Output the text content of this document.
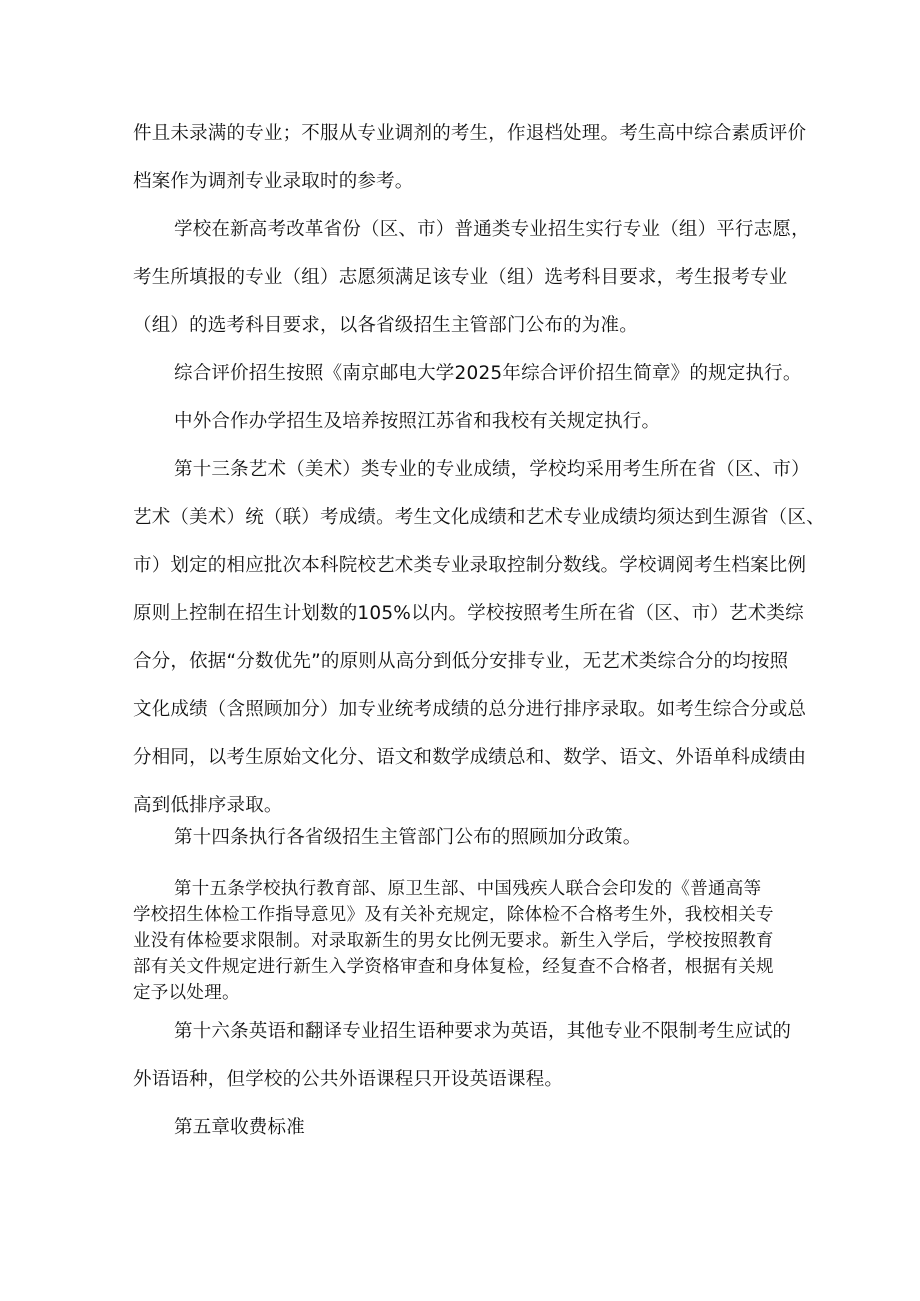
件且未录满的专业；不服从专业调剂的考生，作退档处理。考生高中综合素质评价
档案作为调剂专业录取时的参考。
学校在新高考改革省份（区、市）普通类专业招生实行专业（组）平行志愿，
考生所填报的专业（组）志愿须满足该专业（组）选考科目要求，考生报考专业
（组）的选考科目要求，以各省级招生主管部门公布的为准。
综合评价招生按照《南京邮电大学2025年综合评价招生简章》的规定执行。
中外合作办学招生及培养按照江苏省和我校有关规定执行。
第十三条艺术（美术）类专业的专业成绩，学校均采用考生所在省（区、市）
艺术（美术）统（联）考成绩。考生文化成绩和艺术专业成绩均须达到生源省（区、
市）划定的相应批次本科院校艺术类专业录取控制分数线。学校调阅考生档案比例
原则上控制在招生计划数的105%以内。学校按照考生所在省（区、市）艺术类综
合分，依据“分数优先”的原则从高分到低分安排专业，无艺术类综合分的均按照
文化成绩（含照顾加分）加专业统考成绩的总分进行排序录取。如考生综合分或总
分相同，以考生原始文化分、语文和数学成绩总和、数学、语文、外语单科成绩由
高到低排序录取。
第十四条执行各省级招生主管部门公布的照顾加分政策。
第十五条学校执行教育部、原卫生部、中国残疾人联合会印发的《普通高等
学校招生体检工作指导意见》及有关补充规定，除体检不合格考生外，我校相关专
业没有体检要求限制。对录取新生的男女比例无要求。新生入学后，学校按照教育
部有关文件规定进行新生入学资格审查和身体复检，经复查不合格者，根据有关规
定予以处理。
第十六条英语和翻译专业招生语种要求为英语，其他专业不限制考生应试的
外语语种，但学校的公共外语课程只开设英语课程。
第五章收费标准
